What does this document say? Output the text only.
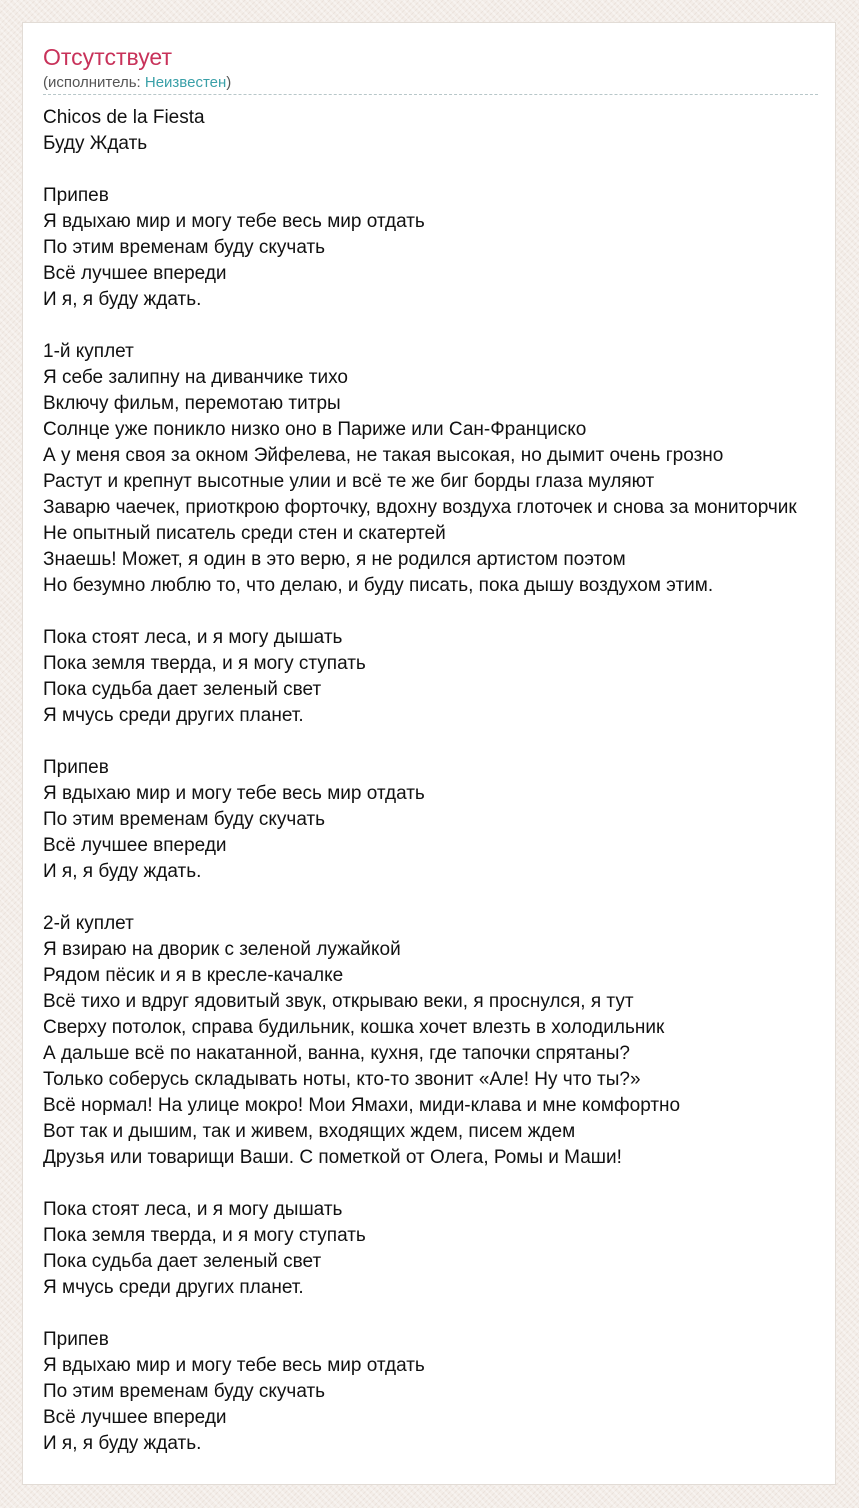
Отсутствует
(исполнитель: Неизвестен)
Chicos de la Fiesta
Буду Ждать
Припев
Я вдыхаю мир и могу тебе весь мир отдать
По этим временам буду скучать
Всё лучшее впереди
И я, я буду ждать.
1-й куплет
Я себе залипну на диванчике тихо
Включу фильм, перемотаю титры
Солнце уже поникло низко оно в Париже или Сан-Франциско
А у меня своя за окном Эйфелева, не такая высокая, но дымит очень грозно
Растут и крепнут высотные улии и всё те же биг борды глаза муляют
Заварю чаечек, приоткрою форточку, вдохну воздуха глоточек и снова за мониторчик
Не опытный писатель среди стен и скатертей
Знаешь! Может, я один в это верю, я не родился артистом поэтом
Но безумно люблю то, что делаю, и буду писать, пока дышу воздухом этим.
Пока стоят леса, и я могу дышать
Пока земля тверда, и я могу ступать
Пока судьба дает зеленый свет
Я мчусь среди других планет.
Припев
Я вдыхаю мир и могу тебе весь мир отдать
По этим временам буду скучать
Всё лучшее впереди
И я, я буду ждать.
2-й куплет
Я взираю на дворик с зеленой лужайкой
Рядом пёсик и я в кресле-качалке
Всё тихо и вдруг ядовитый звук, открываю веки, я проснулся, я тут
Сверху потолок, справа будильник, кошка хочет влезть в холодильник
А дальше всё по накатанной, ванна, кухня, где тапочки спрятаны?
Только соберусь складывать ноты, кто-то звонит «Але! Ну что ты?»
Всё нормал! На улице мокро! Мои Ямахи, миди-клава и мне комфортно
Вот так и дышим, так и живем, входящих ждем, писем ждем
Друзья или товарищи Ваши. С пометкой от Олега, Ромы и Маши!
Пока стоят леса, и я могу дышать
Пока земля тверда, и я могу ступать
Пока судьба дает зеленый свет
Я мчусь среди других планет.
Припев
Я вдыхаю мир и могу тебе весь мир отдать
По этим временам буду скучать
Всё лучшее впереди
И я, я буду ждать.
